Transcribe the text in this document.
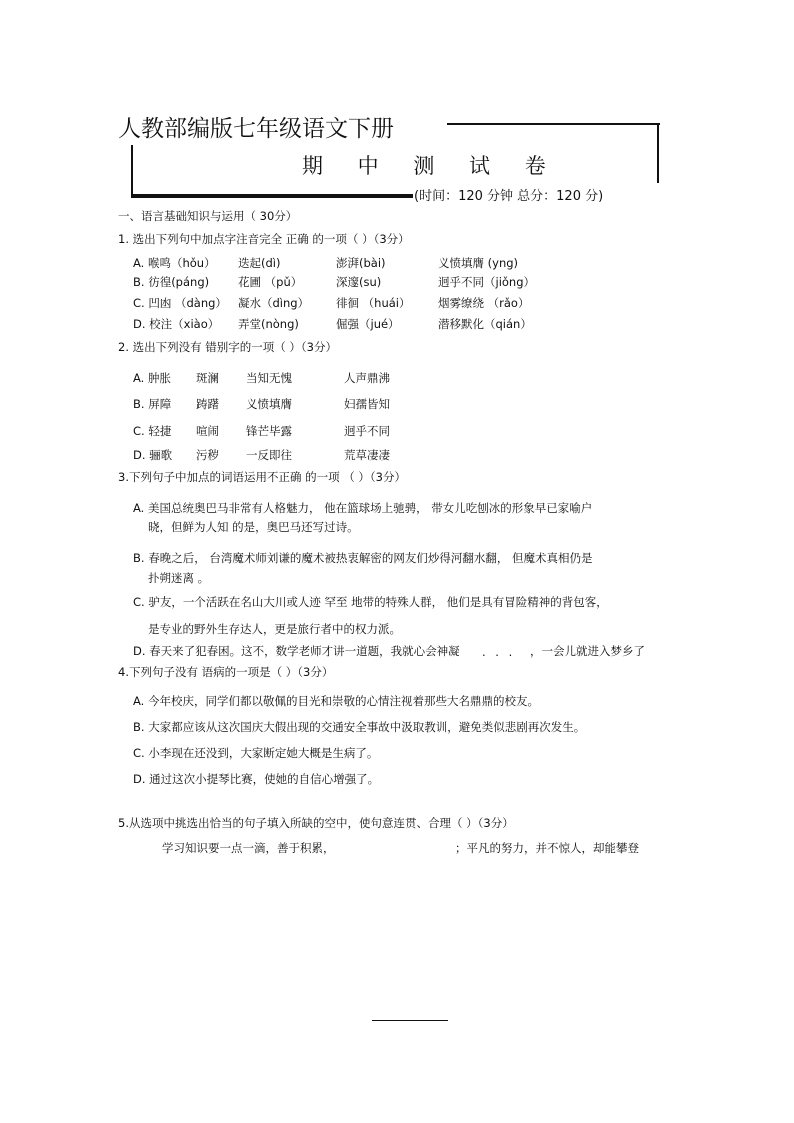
人教部编版七年级语文下册
期 中 测 试 卷
(时间：120 分钟 总分：120 分)
一、语言基础知识与运用（ 30分）
1. 选出下列句中加点字注音完全 正确 的一项（ ）（3分）
A. 喉鸣（hǒu） 迭起(dì)	澎湃(bài)	义愤填膺 (yng)
B. 彷徨(páng)	花圃 （pǔ）	深邃(su)	迥乎不同（jiǒng）
C. 凹凼 （dàng） 凝水（dìng） 徘徊 （huái） 烟雾缭绕 （rǎo）
D. 校注（xiào） 弄堂(nòng)	倔强（jué）	潜移默化（qián）
2. 选出下列没有 错别字的一项（ ）（3分）
A. 肿胀 斑澜 当知无愧	人声鼎沸
B. 屏障 踌躇 义愤填膺	妇孺皆知
C. 轻捷 喧闹 锋芒毕露	迥乎不同
D. 骊歌 污秽 一反即往	荒草凄凄
3.下列句子中加点的词语运用不正确 的一项 （ ）（3分）
A. 美国总统奥巴马非常有人格魅力， 他在篮球场上驰骋， 带女儿吃刨冰的形象早已家喻户
晓，但鲜为人知 的是，奥巴马还写过诗。
B. 春晚之后， 台湾魔术师刘谦的魔术被热衷解密的网友们炒得河翻水翻， 但魔术真相仍是
扑朔迷离 。
C. 驴友，一个活跃在名山大川或人迹 罕至 地带的特殊人群， 他们是具有冒险精神的背包客，
是专业的野外生存达人，更是旅行者中的权力派。
D. 春天来了犯春困。这不，数学老师才讲一道题，我就心会神凝 . . . ，一会儿就进入梦乡了
4.下列句子没有 语病的一项是（ ）（3分）
A. 今年校庆，同学们都以敬佩的目光和崇敬的心情注视着那些大名鼎鼎的校友。
B. 大家都应该从这次国庆大假出现的交通安全事故中汲取教训，避免类似悲剧再次发生。
C. 小李现在还没到，大家断定她大概是生病了。
D. 通过这次小提琴比赛，使她的自信心增强了。
5.从选项中挑选出恰当的句子填入所缺的空中，使句意连贯、合理（ ）（3分）
学习知识要一点一滴，善于积累，	；平凡的努力，并不惊人，却能攀登
